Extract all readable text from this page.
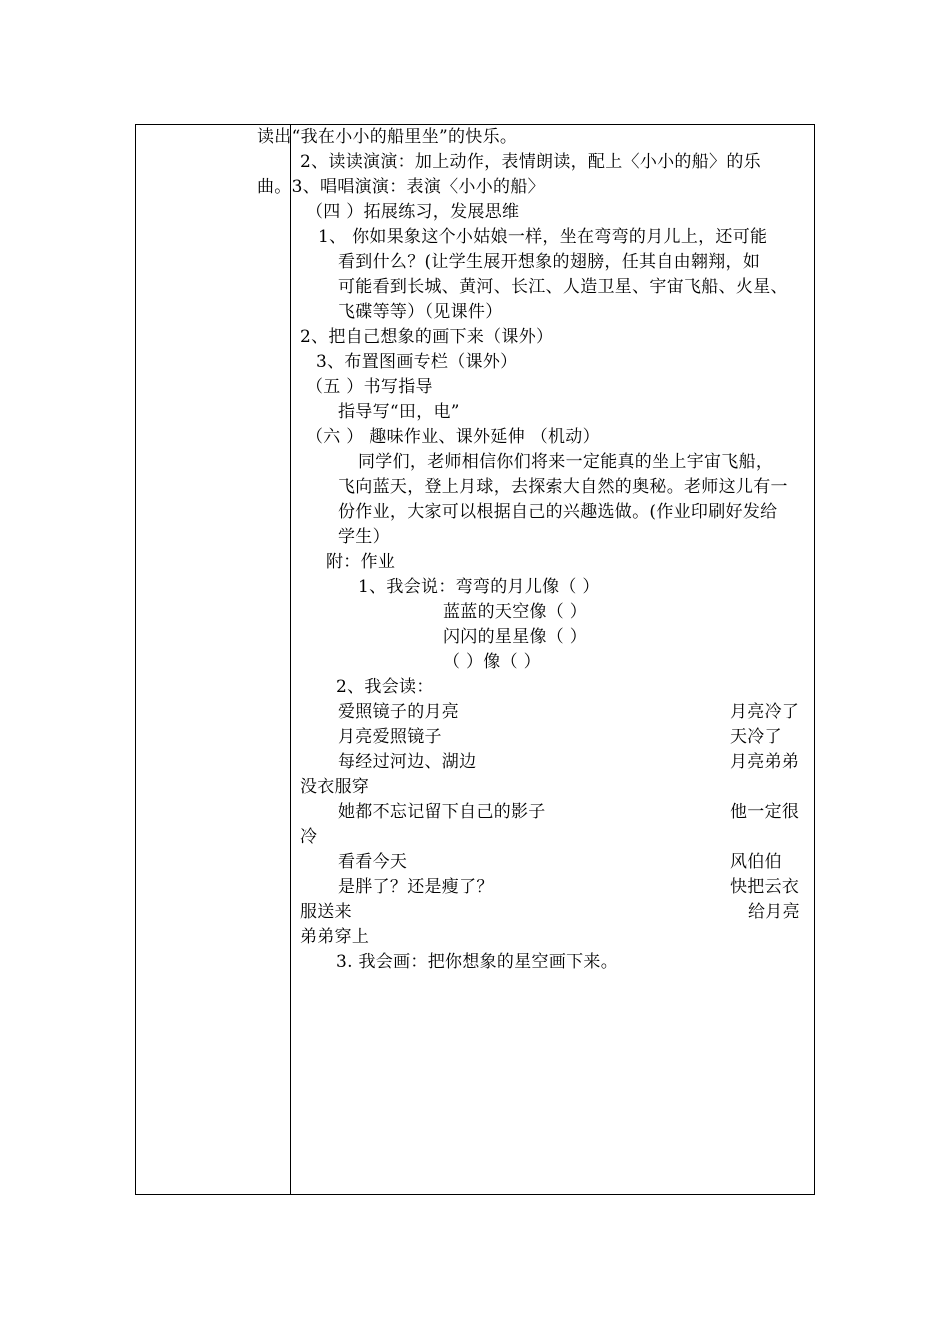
读出“我在小小的船里坐”的快乐。
2、读读演演：加上动作，表情朗读，配上〈小小的船〉的乐
曲。3、唱唱演演：表演〈小小的船〉
（四 ）拓展练习，发展思维
1、 你如果象这个小姑娘一样，坐在弯弯的月儿上，还可能
看到什么？(让学生展开想象的翅膀，任其自由翱翔，如
可能看到长城、黄河、长江、人造卫星、宇宙飞船、火星、
飞碟等等）（见课件）
2、把自己想象的画下来（课外）
3、布置图画专栏（课外）
（五 ）书写指导
指导写“田，电”
（六 ） 趣味作业、课外延伸 （机动）
同学们，老师相信你们将来一定能真的坐上宇宙飞船，
飞向蓝天，登上月球，去探索大自然的奥秘。老师这儿有一
份作业，大家可以根据自己的兴趣选做。(作业印刷好发给
学生）
附：作业
1、我会说：弯弯的月儿像（ ）
蓝蓝的天空像（ ）
闪闪的星星像（ ）
（ ）像（ ）
2、我会读：
爱照镜子的月亮	月亮冷了
月亮爱照镜子	天冷了
每经过河边、湖边	月亮弟弟
没衣服穿
她都不忘记留下自己的影子	他一定很
冷
看看今天	风伯伯
是胖了？还是瘦了？	快把云衣
服送来	给月亮
弟弟穿上
3. 我会画：把你想象的星空画下来。
